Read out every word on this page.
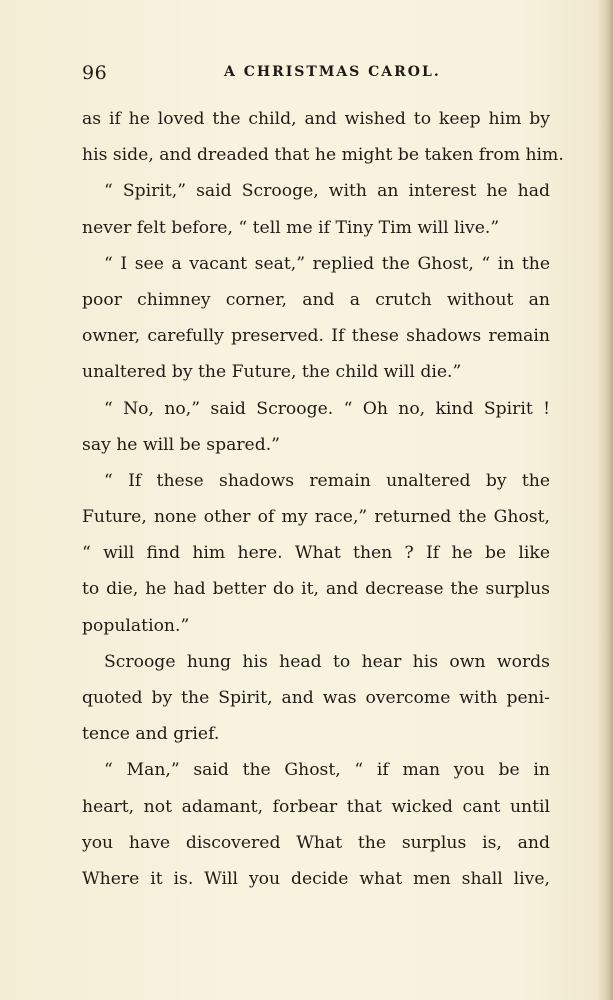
96	A CHRISTMAS CAROL.
as if he loved the child, and wished to keep him by
his side, and dreaded that he might be taken from him.
“ Spirit,” said Scrooge, with an interest he had
never felt before, “ tell me if Tiny Tim will live.”
“ I see a vacant seat,” replied the Ghost, “ in the
poor chimney corner, and a crutch without an
owner, carefully preserved. If these shadows remain
unaltered by the Future, the child will die.”
“ No, no,” said Scrooge. “ Oh no, kind Spirit !
say he will be spared.”
“ If these shadows remain unaltered by the
Future, none other of my race,” returned the Ghost,
“ will find him here. What then ? If he be like
to die, he had better do it, and decrease the surplus
population.”
Scrooge hung his head to hear his own words
quoted by the Spirit, and was overcome with peni-
tence and grief.
“ Man,” said the Ghost, “ if man you be in
heart, not adamant, forbear that wicked cant until
you have discovered What the surplus is, and
Where it is. Will you decide what men shall live,
